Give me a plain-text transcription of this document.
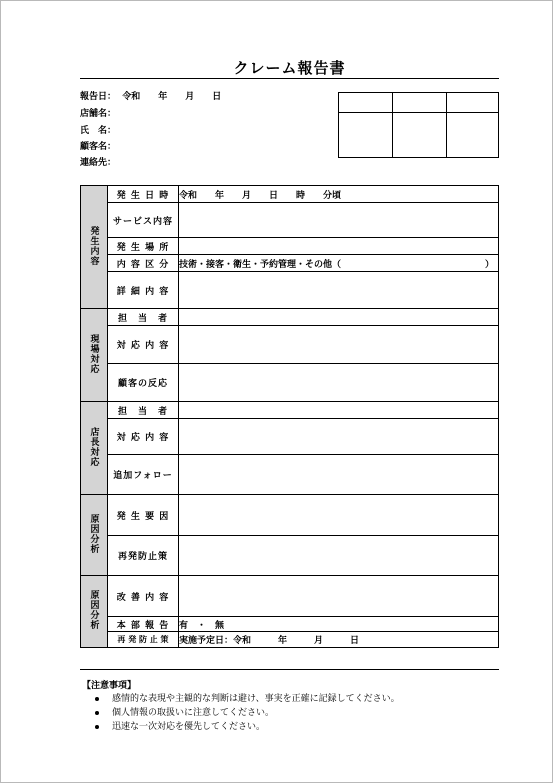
クレーム報告書
報告日：  令和　　年　　月　　日
店舗名：
氏　名：
顧客名：
連絡先：
発生内容	発 生 日 時	令和　　年　　月　　日　　時　　分頃
	サービス内容	
	発 生 場 所	
	内 容 区 分	技術・接客・衛生・予約管理・その他（　　　　　　　　　　　　　　　　）
	詳 細 内 容	
現場対応	担　当　者	
	対 応 内 容	
	顧客の反応	
店長対応	担　当　者	
	対 応 内 容	
	追加フォロー	
原因分析	発 生 要 因	
	再発防止策	
原因分析	改 善 内 容	
	本 部 報 告	有　・　無
	再 発 防 止 策	実施予定日：令和　　　年　　　月　　　日
【注意事項】
感情的な表現や主観的な判断は避け、事実を正確に記録してください。
個人情報の取扱いに注意してください。
迅速な一次対応を優先してください。
